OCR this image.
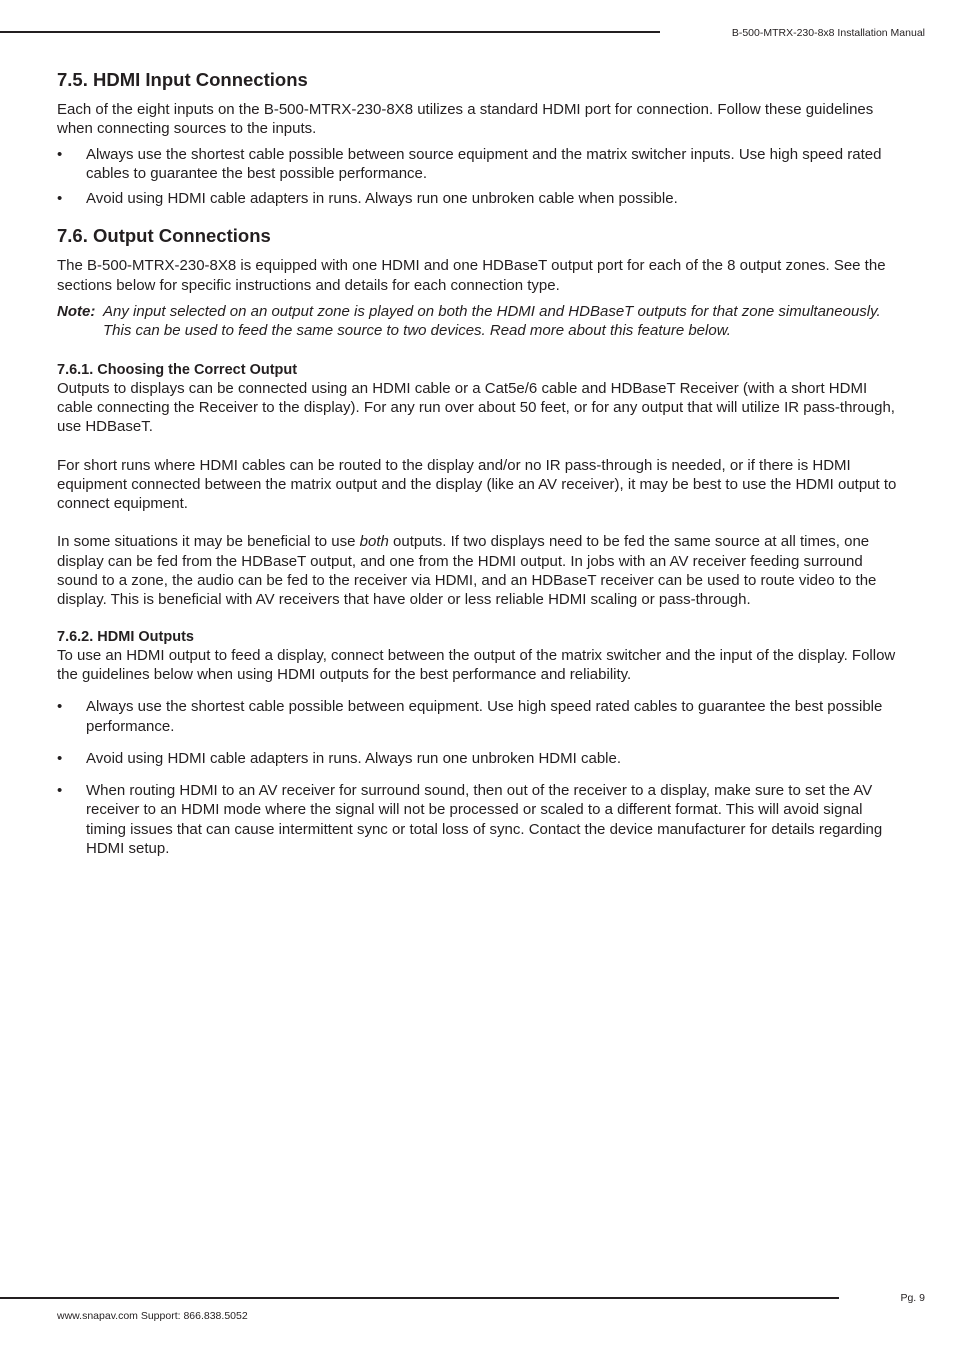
B-500-MTRX-230-8x8 Installation Manual
7.5. HDMI Input Connections

Each of the eight inputs on the B-500-MTRX-230-8X8 utilizes a standard HDMI port for connection. Follow these guidelines when connecting sources to the inputs.

• Always use the shortest cable possible between source equipment and the matrix switcher inputs. Use high speed rated cables to guarantee the best possible performance.

• Avoid using HDMI cable adapters in runs. Always run one unbroken cable when possible.

7.6. Output Connections

The B-500-MTRX-230-8X8 is equipped with one HDMI and one HDBaseT output port for each of the 8 output zones. See the sections below for specific instructions and details for each connection type.

Note: Any input selected on an output zone is played on both the HDMI and HDBaseT outputs for that zone simultaneously. This can be used to feed the same source to two devices. Read more about this feature below.

7.6.1. Choosing the Correct Output

Outputs to displays can be connected using an HDMI cable or a Cat5e/6 cable and HDBaseT Receiver (with a short HDMI cable connecting the Receiver to the display). For any run over about 50 feet, or for any output that will utilize IR pass-through, use HDBaseT.

For short runs where HDMI cables can be routed to the display and/or no IR pass-through is needed, or if there is HDMI equipment connected between the matrix output and the display (like an AV receiver), it may be best to use the HDMI output to connect equipment.

In some situations it may be beneficial to use both outputs. If two displays need to be fed the same source at all times, one display can be fed from the HDBaseT output, and one from the HDMI output. In jobs with an AV receiver feeding surround sound to a zone, the audio can be fed to the receiver via HDMI, and an HDBaseT receiver can be used to route video to the display. This is beneficial with AV receivers that have older or less reliable HDMI scaling or pass-through.

7.6.2. HDMI Outputs

To use an HDMI output to feed a display, connect between the output of the matrix switcher and the input of the display. Follow the guidelines below when using HDMI outputs for the best performance and reliability.

• Always use the shortest cable possible between equipment. Use high speed rated cables to guarantee the best possible performance.

• Avoid using HDMI cable adapters in runs. Always run one unbroken HDMI cable.

• When routing HDMI to an AV receiver for surround sound, then out of the receiver to a display, make sure to set the AV receiver to an HDMI mode where the signal will not be processed or scaled to a different format. This will avoid signal timing issues that can cause intermittent sync or total loss of sync. Contact the device manufacturer for details regarding HDMI setup.

Pg. 9
www.snapav.com Support: 866.838.5052
